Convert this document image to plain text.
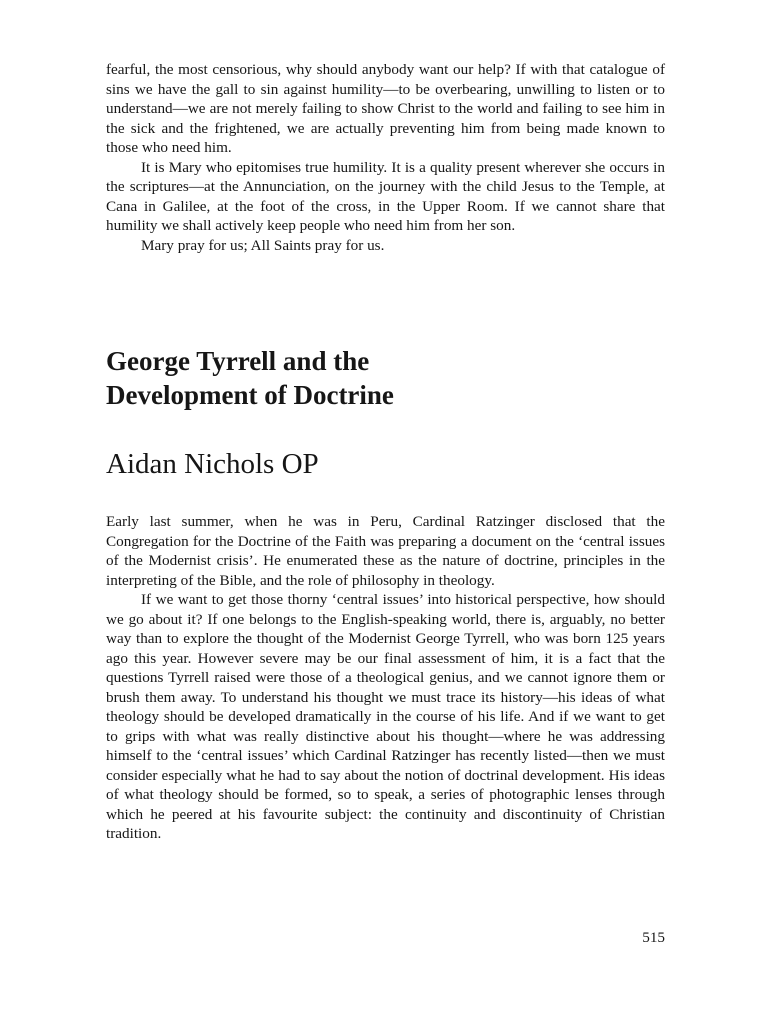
fearful, the most censorious, why should anybody want our help? If with that catalogue of sins we have the gall to sin against humility—to be overbearing, unwilling to listen or to understand—we are not merely failing to show Christ to the world and failing to see him in the sick and the frightened, we are actually preventing him from being made known to those who need him.

It is Mary who epitomises true humility. It is a quality present wherever she occurs in the scriptures—at the Annunciation, on the journey with the child Jesus to the Temple, at Cana in Galilee, at the foot of the cross, in the Upper Room. If we cannot share that humility we shall actively keep people who need him from her son.

Mary pray for us; All Saints pray for us.

George Tyrrell and the
Development of Doctrine
Aidan Nichols OP

Early last summer, when he was in Peru, Cardinal Ratzinger disclosed that the Congregation for the Doctrine of the Faith was preparing a document on the ‘central issues of the Modernist crisis’. He enumerated these as the nature of doctrine, principles in the interpreting of the Bible, and the role of philosophy in theology.

If we want to get those thorny ‘central issues’ into historical perspective, how should we go about it? If one belongs to the English-speaking world, there is, arguably, no better way than to explore the thought of the Modernist George Tyrrell, who was born 125 years ago this year. However severe may be our final assessment of him, it is a fact that the questions Tyrrell raised were those of a theological genius, and we cannot ignore them or brush them away. To understand his thought we must trace its history—his ideas of what theology should be developed dramatically in the course of his life. And if we want to get to grips with what was really distinctive about his thought—where he was addressing himself to the ‘central issues’ which Cardinal Ratzinger has recently listed—then we must consider especially what he had to say about the notion of doctrinal development. His ideas of what theology should be formed, so to speak, a series of photographic lenses through which he peered at his favourite subject: the continuity and discontinuity of Christian tradition.

515
